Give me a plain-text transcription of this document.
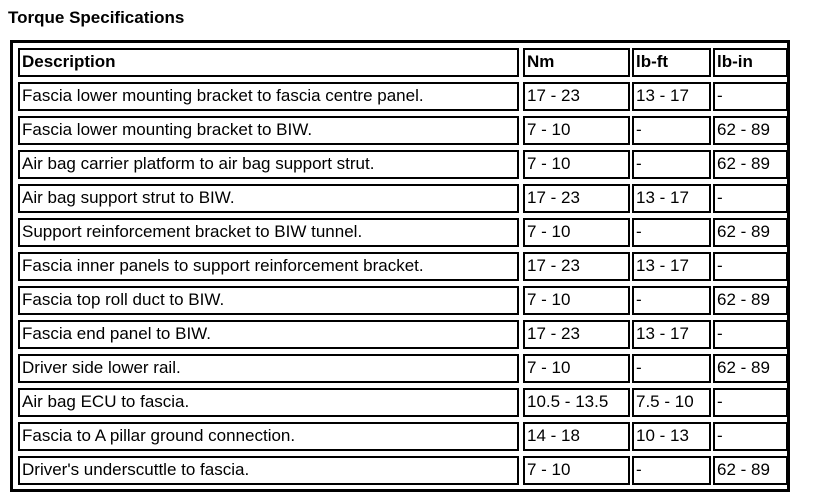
Torque Specifications
Description	Nm	lb-ft	lb-in
Fascia lower mounting bracket to fascia centre panel.	17 - 23	13 - 17	-
Fascia lower mounting bracket to BIW.	7 - 10	-	62 - 89
Air bag carrier platform to air bag support strut.	7 - 10	-	62 - 89
Air bag support strut to BIW.	17 - 23	13 - 17	-
Support reinforcement bracket to BIW tunnel.	7 - 10	-	62 - 89
Fascia inner panels to support reinforcement bracket.	17 - 23	13 - 17	-
Fascia top roll duct to BIW.	7 - 10	-	62 - 89
Fascia end panel to BIW.	17 - 23	13 - 17	-
Driver side lower rail.	7 - 10	-	62 - 89
Air bag ECU to fascia.	10.5 - 13.5	7.5 - 10	-
Fascia to A pillar ground connection.	14 - 18	10 - 13	-
Driver's underscuttle to fascia.	7 - 10	-	62 - 89
